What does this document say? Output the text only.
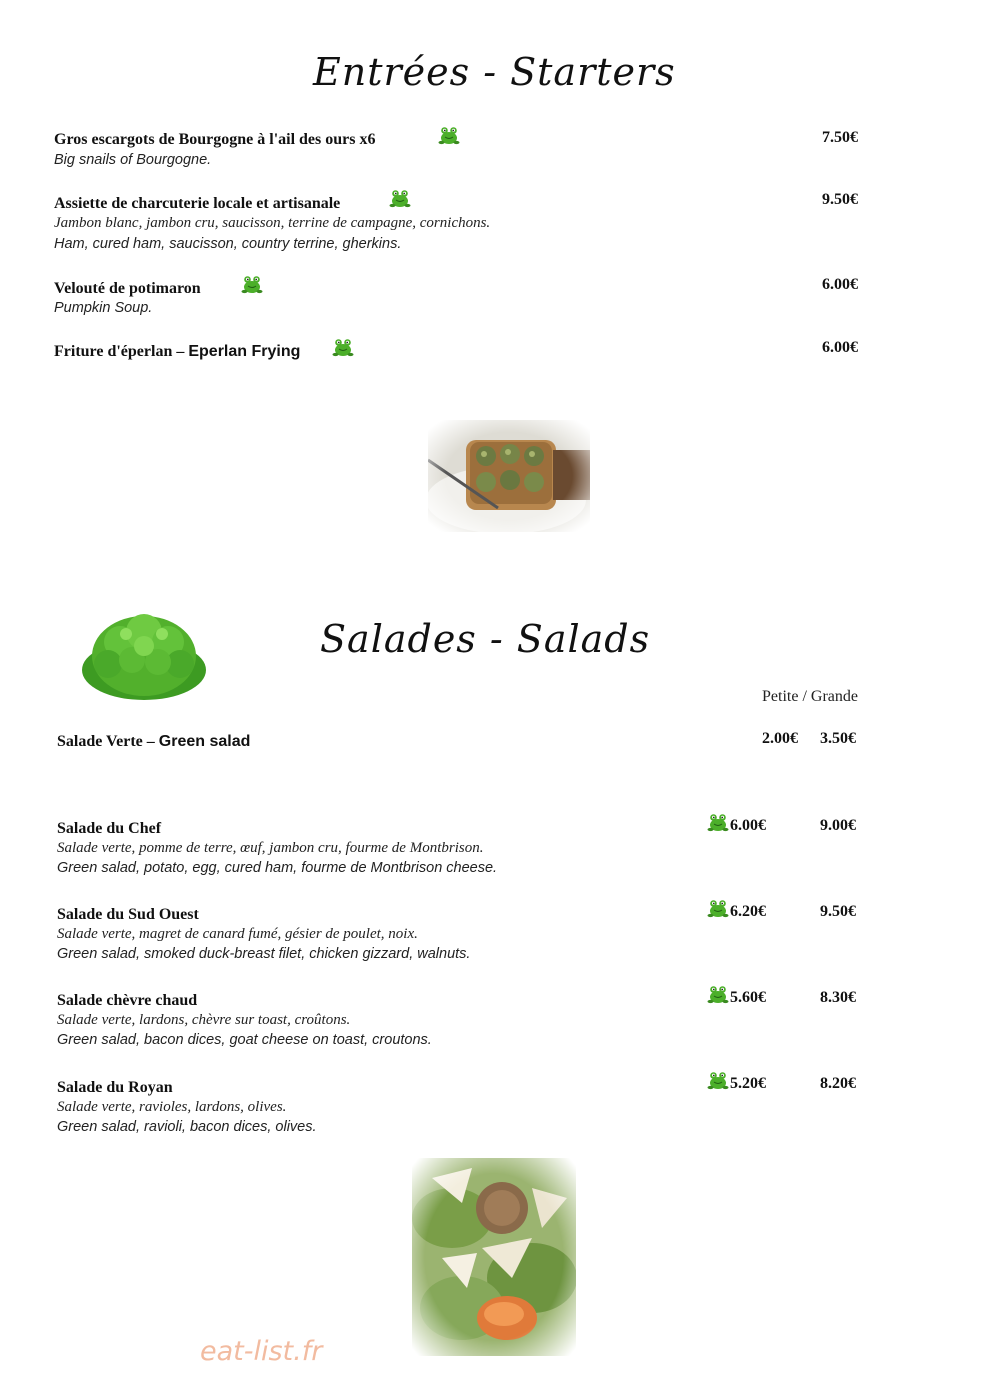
Entrées - Starters
Gros escargots de Bourgogne à l'ail des ours x6	7.50€
Big snails of Bourgogne.
Assiette de charcuterie locale et artisanale	9.50€
Jambon blanc, jambon cru, saucisson, terrine de campagne, cornichons.
Ham, cured ham, saucisson, country terrine, gherkins.
Velouté de potimaron	6.00€
Pumpkin Soup.
Friture d'éperlan – Eperlan Frying	6.00€
Salades - Salads
Petite / Grande
Salade Verte – Green salad	2.00€ 3.50€
Salade du Chef
Salade verte, pomme de terre, œuf, jambon cru, fourme de Montbrison.
Green salad, potato, egg, cured ham, fourme de Montbrison cheese.
6.00€	9.00€
Salade du Sud Ouest
Salade verte, magret de canard fumé, gésier de poulet, noix.
Green salad, smoked duck-breast filet, chicken gizzard, walnuts.
6.20€	9.50€
Salade chèvre chaud
Salade verte, lardons, chèvre sur toast, croûtons.
Green salad, bacon dices, goat cheese on toast, croutons.
5.60€	8.30€
Salade du Royan
Salade verte, ravioles, lardons, olives.
Green salad, ravioli, bacon dices, olives.
5.20€	8.20€
eat-list.fr
